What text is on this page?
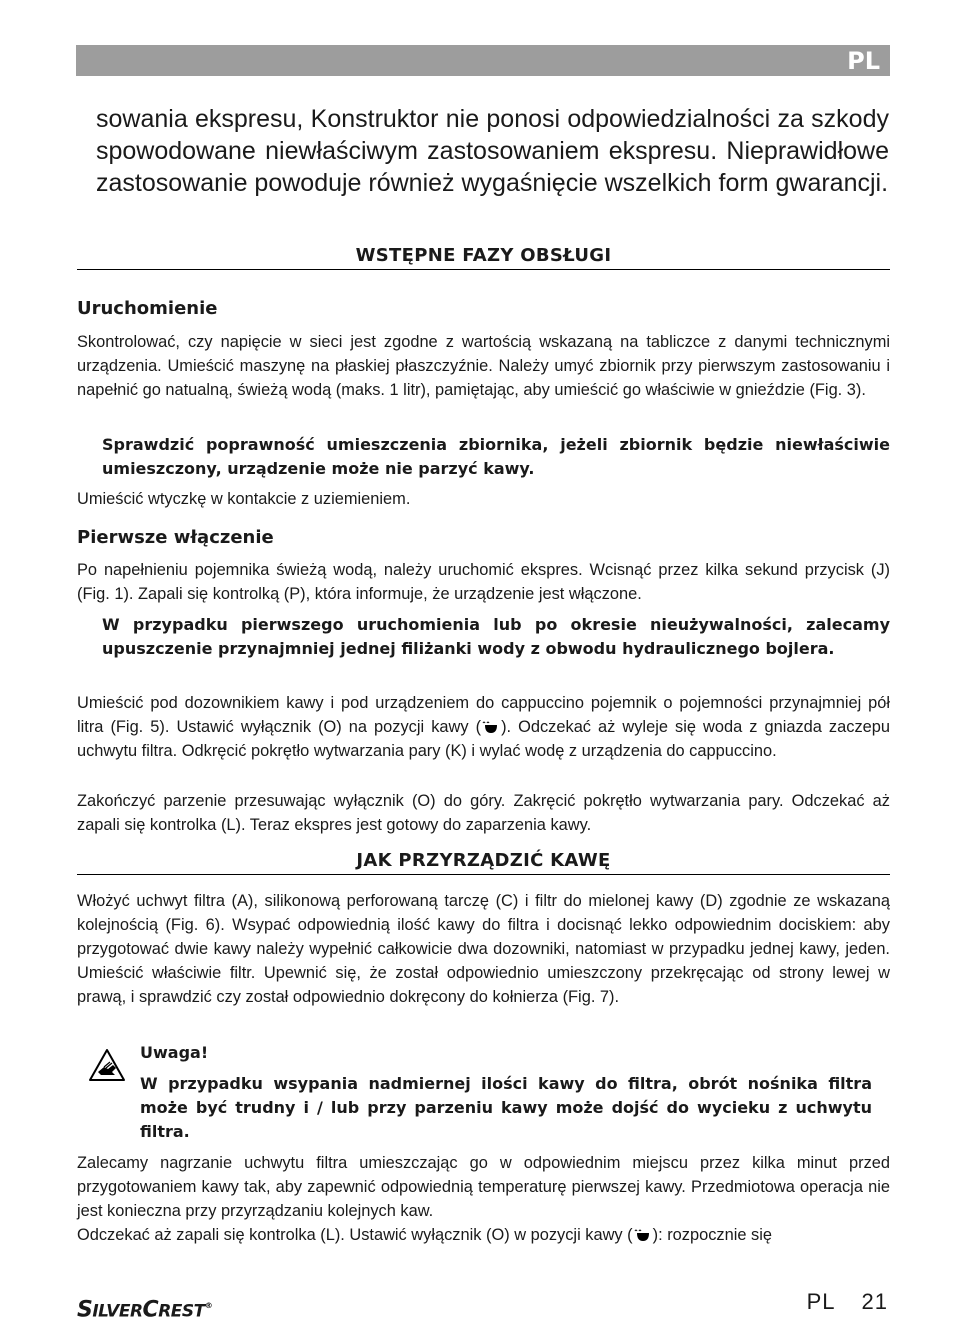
PL

sowania ekspresu, Konstruktor nie ponosi odpowiedzialności za szkody spowodowane niewłaściwym zastosowaniem ekspresu. Nieprawidłowe zastosowanie powoduje również wygaśnięcie wszelkich form gwarancji.

WSTĘPNE FAZY OBSŁUGI
Uruchomienie

Skontrolować, czy napięcie w sieci jest zgodne z wartością wskazaną na tabliczce z danymi technicznymi urządzenia. Umieścić maszynę na płaskiej płaszczyźnie. Należy umyć zbiornik przy pierwszym zastosowaniu i napełnić go natualną, świeżą wodą (maks. 1 litr), pamiętając, aby umieścić go właściwie w gnieździe (Fig. 3).

Sprawdzić poprawność umieszczenia zbiornika, jeżeli zbiornik będzie niewłaściwie umieszczony, urządzenie może nie parzyć kawy.

Umieścić wtyczkę w kontakcie z uziemieniem.

Pierwsze włączenie

Po napełnieniu pojemnika świeżą wodą, należy uruchomić ekspres. Wcisnąć przez kilka sekund przycisk (J) (Fig. 1). Zapali się kontrolką (P), która informuje, że urządzenie jest włączone.

W przypadku pierwszego uruchomienia lub po okresie nieużywalności, zalecamy upuszczenie przynajmniej jednej filiżanki wody z obwodu hydraulicznego bojlera.

Umieścić pod dozownikiem kawy i pod urządzeniem do cappuccino pojemnik o pojemności przynajmniej pół litra (Fig. 5). Ustawić wyłącznik (O) na pozycji kawy ( ). Odczekać aż wyleje się woda z gniazda zaczepu uchwytu filtra. Odkręcić pokrętło wytwarzania pary (K) i wylać wodę z urządzenia do cappuccino.

Zakończyć parzenie przesuwając wyłącznik (O) do góry. Zakręcić pokrętło wytwarzania pary. Odczekać aż zapali się kontrolka (L). Teraz ekspres jest gotowy do zaparzenia kawy.

JAK PRZYRZĄDZIĆ KAWĘ

Włożyć uchwyt filtra (A), silikonową perforowaną tarczę (C) i filtr do mielonej kawy (D) zgodnie ze wskazaną kolejnością (Fig. 6). Wsypać odpowiednią ilość kawy do filtra i docisnąć lekko odpowiednim dociskiem: aby przygotować dwie kawy należy wypełnić całkowicie dwa dozowniki, natomiast w przypadku jednej kawy, jeden. Umieścić właściwie filtr. Upewnić się, że został odpowiednio umieszczony przekręcając od strony lewej w prawą, i sprawdzić czy został odpowiednio dokręcony do kołnierza (Fig. 7).

Uwaga!

W przypadku wsypania nadmiernej ilości kawy do filtra, obrót nośnika filtra może być trudny i / lub przy parzeniu kawy może dojść do wycieku z uchwytu filtra.

Zalecamy nagrzanie uchwytu filtra umieszczając go w odpowiednim miejscu przez kilka minut przed przygotowaniem kawy tak, aby zapewnić odpowiednią temperaturę pierwszej kawy. Przedmiotowa operacja nie jest konieczna przy przyrządzaniu kolejnych kaw.

Odczekać aż zapali się kontrolka (L). Ustawić wyłącznik (O) w pozycji kawy ( ): rozpocznie się

SILVERCREST®	PL 21
